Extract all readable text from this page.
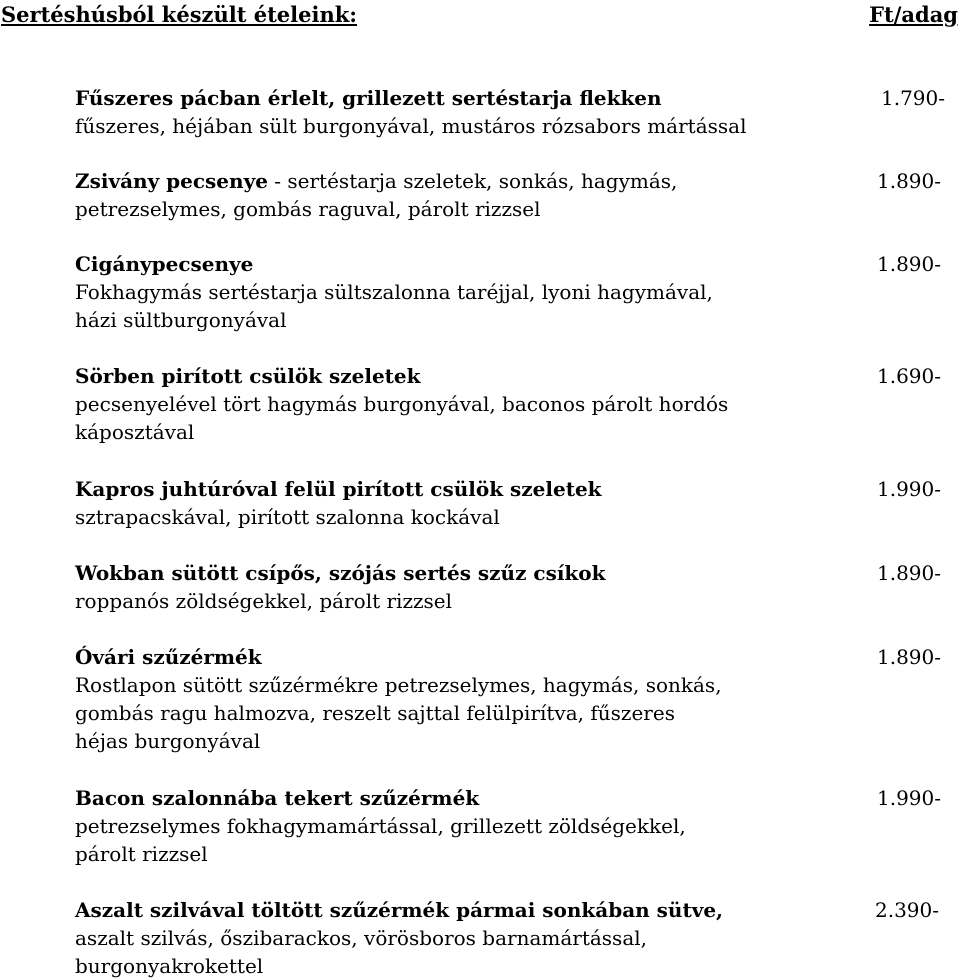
Sertéshúsból készült ételeink:	Ft/adag
Fűszeres pácban érlelt, grillezett sertéstarja flekken	1.790-
fűszeres, héjában sült burgonyával, mustáros rózsabors mártással
Zsivány pecsenye - sertéstarja szeletek, sonkás, hagymás,	1.890-
petrezselymes, gombás raguval, párolt rizzsel
Cigánypecsenye	1.890-
Fokhagymás sertéstarja sültszalonna taréjjal, lyoni hagymával,
házi sültburgonyával
Sörben pirított csülök szeletek	1.690-
pecsenyelével tört hagymás burgonyával, baconos párolt hordós
káposztával
Kapros juhtúróval felül pirított csülök szeletek	1.990-
sztrapacskával, pirított szalonna kockával
Wokban sütött csípős, szójás sertés szűz csíkok	1.890-
roppanós zöldségekkel, párolt rizzsel
Óvári szűzérmék	1.890-
Rostlapon sütött szűzérmékre petrezselymes, hagymás, sonkás,
gombás ragu halmozva, reszelt sajttal felülpirítva, fűszeres
héjas burgonyával
Bacon szalonnába tekert szűzérmék	1.990-
petrezselymes fokhagymamártással, grillezett zöldségekkel,
párolt rizzsel
Aszalt szilvával töltött szűzérmék pármai sonkában sütve,	2.390-
aszalt szilvás, őszibarackos, vörösboros barnamártással,
burgonyakrokettel
